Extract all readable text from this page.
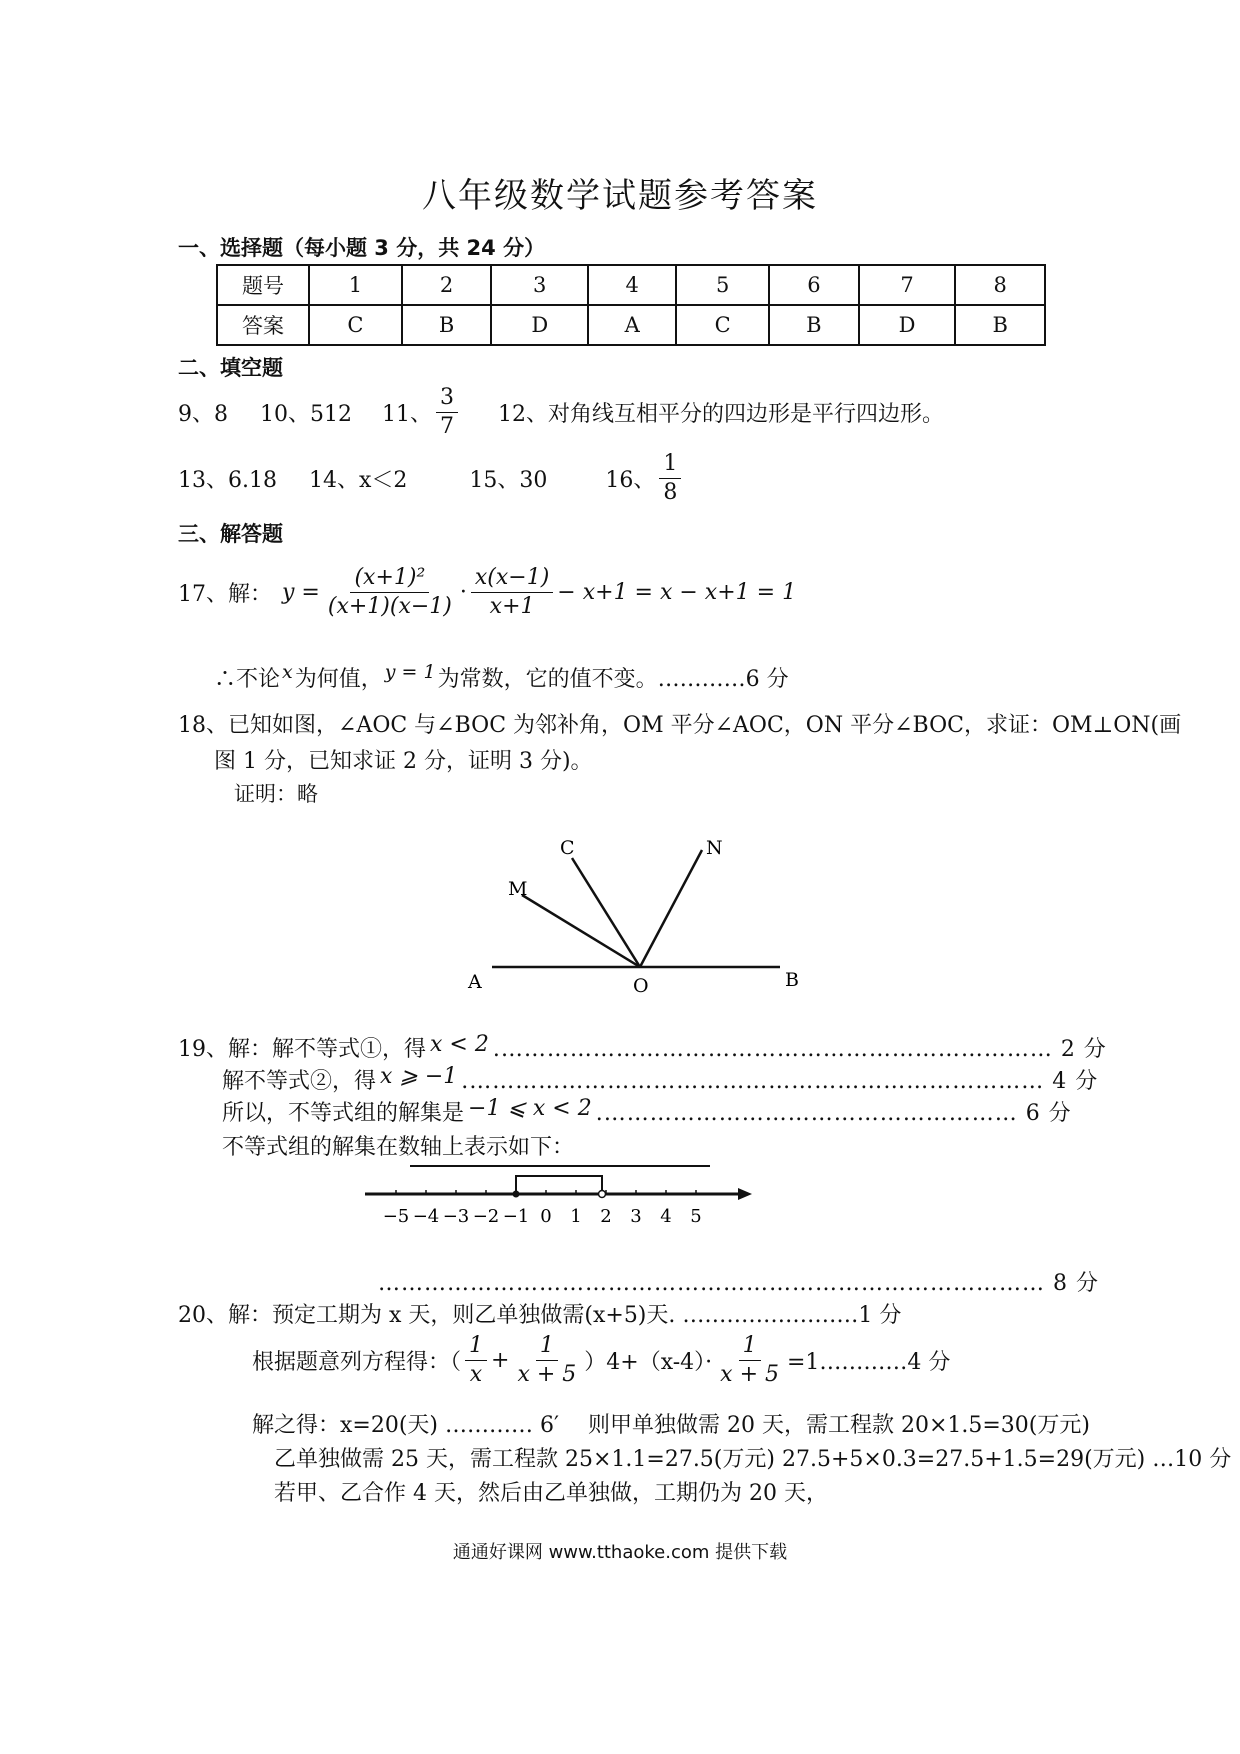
八年级数学试题参考答案
一、选择题（每小题 3 分，共 24 分）
题号	1	2	3	4	5	6	7	8
答案	C	B	D	A	C	B	D	B
二、填空题
9、8 10、512 11、 $\frac{3}{7} 12$、对角线互相平分的四边形是平行四边形。
13、6.18 14、x＜2	15、30	16、 $\frac{1}{8}$
三、解答题
17、解： $y = \frac{\text{(x+1)²}}{(x+1)(x-1)} \cdot \frac{x(x-1)}{x+1} - x+1 = x - x+1 = 1$
∴不论 x 为何值， y = 1 为常数，它的值不变。…………6 分
18、已知如图，∠AOC 与∠BOC 为邻补角，OM 平分∠AOC，ON 平分∠BOC，求证：OM⊥ON(画
图 1 分，已知求证 2 分，证明 3 分)。
证明：略
A	O	B
M
C	N
19、解：解不等式①，得 x < 2 .……………………………………………………………… 2 分
解不等式②，得 x ⩾ −1 .………………………………………………………………… 4 分
所以，不等式组的解集是 −1 ⩽ x < 2 .……………………………………………… 6 分
不等式组的解集在数轴上表示如下：
−5 −4 −3 −2 −1 0 1 2 3 4 5
…………………………………………………………………………… 8 分
20、解：预定工期为 x 天，则乙单独做需(x+5)天. ……………………1 分
根据题意列方程得：（ $\frac{1}{x} + \frac{1}{x + 5} )4+(x-4)\cdot \frac{1}{x + 5}$ =1…………4 分
解之得：x=20(天) ………… 6′　 则甲单独做需 20 天，需工程款 20×1.5=30(万元)
乙单独做需 25 天，需工程款 25×1.1=27.5(万元) 27.5+5×0.3=27.5+1.5=29(万元) …10 分
若甲、乙合作 4 天，然后由乙单独做，工期仍为 20 天，
通通好课网 www.tthaoke.com 提供下载
